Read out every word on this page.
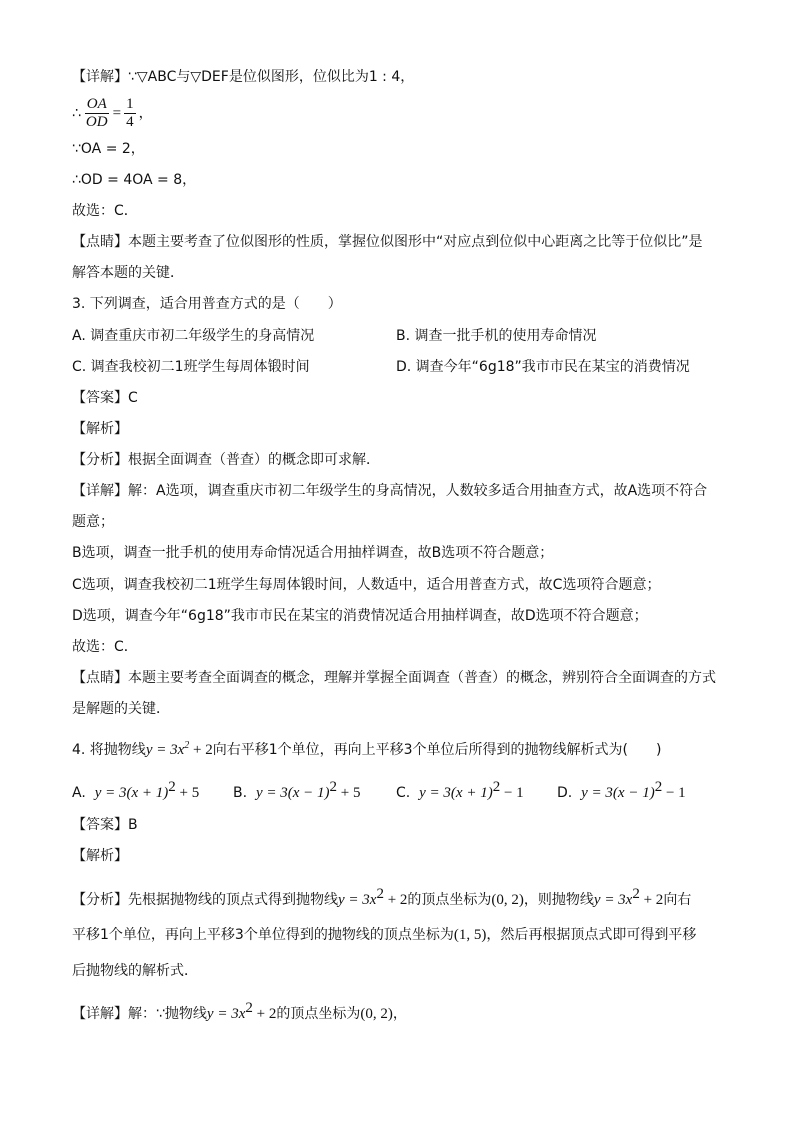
【详解】∵▽ABC与▽DEF是位似图形，位似比为1 : 4，
∴ $\frac{OA}{OD} = \frac{1}{4}$ ，
∵OA = 2，
∴OD = 4OA = 8，
故选：C．
【点睛】本题主要考查了位似图形的性质，掌握位似图形中“对应点到位似中心距离之比等于位似比”是
解答本题的关键．
3. 下列调查，适合用普查方式的是（　　）
A. 调查重庆市初二年级学生的身高情况	B. 调查一批手机的使用寿命情况
C. 调查我校初二1班学生每周体锻时间	D. 调查今年“6g18”我市市民在某宝的消费情况
【答案】C
【解析】
【分析】根据全面调查（普查）的概念即可求解．
【详解】解：A选项，调查重庆市初二年级学生的身高情况，人数较多适合用抽查方式，故A选项不符合
题意；
B选项，调查一批手机的使用寿命情况适合用抽样调查，故B选项不符合题意；
C选项，调查我校初二1班学生每周体锻时间，人数适中，适合用普查方式，故C选项符合题意；
D选项，调查今年“6g18”我市市民在某宝的消费情况适合用抽样调查，故D选项不符合题意；
故选：C．
【点睛】本题主要考查全面调查的概念，理解并掌握全面调查（普查）的概念，辨别符合全面调查的方式
是解题的关键．
4. 将抛物线$y = 3x^2 + 2$向右平移1个单位，再向上平移3个单位后所得到的抛物线解析式为(　　)
A. $y = 3(x + 1)^2 + 5$ B. $y = 3(x - 1)^2 + 5$	C. $y = 3(x + 1)^2 - 1$ D. $y = 3(x - 1)^2 - 1$
【答案】B
【解析】
【分析】先根据抛物线的顶点式得到抛物线$y = 3x^2 + 2$的顶点坐标为(0, 2)，则抛物线$y = 3x^2 + 2$向右
平移1个单位，再向上平移3个单位得到的抛物线的顶点坐标为(1, 5)，然后再根据顶点式即可得到平移
后抛物线的解析式．
【详解】解：∵抛物线$y = 3x^2 + 2$的顶点坐标为(0, 2)，
